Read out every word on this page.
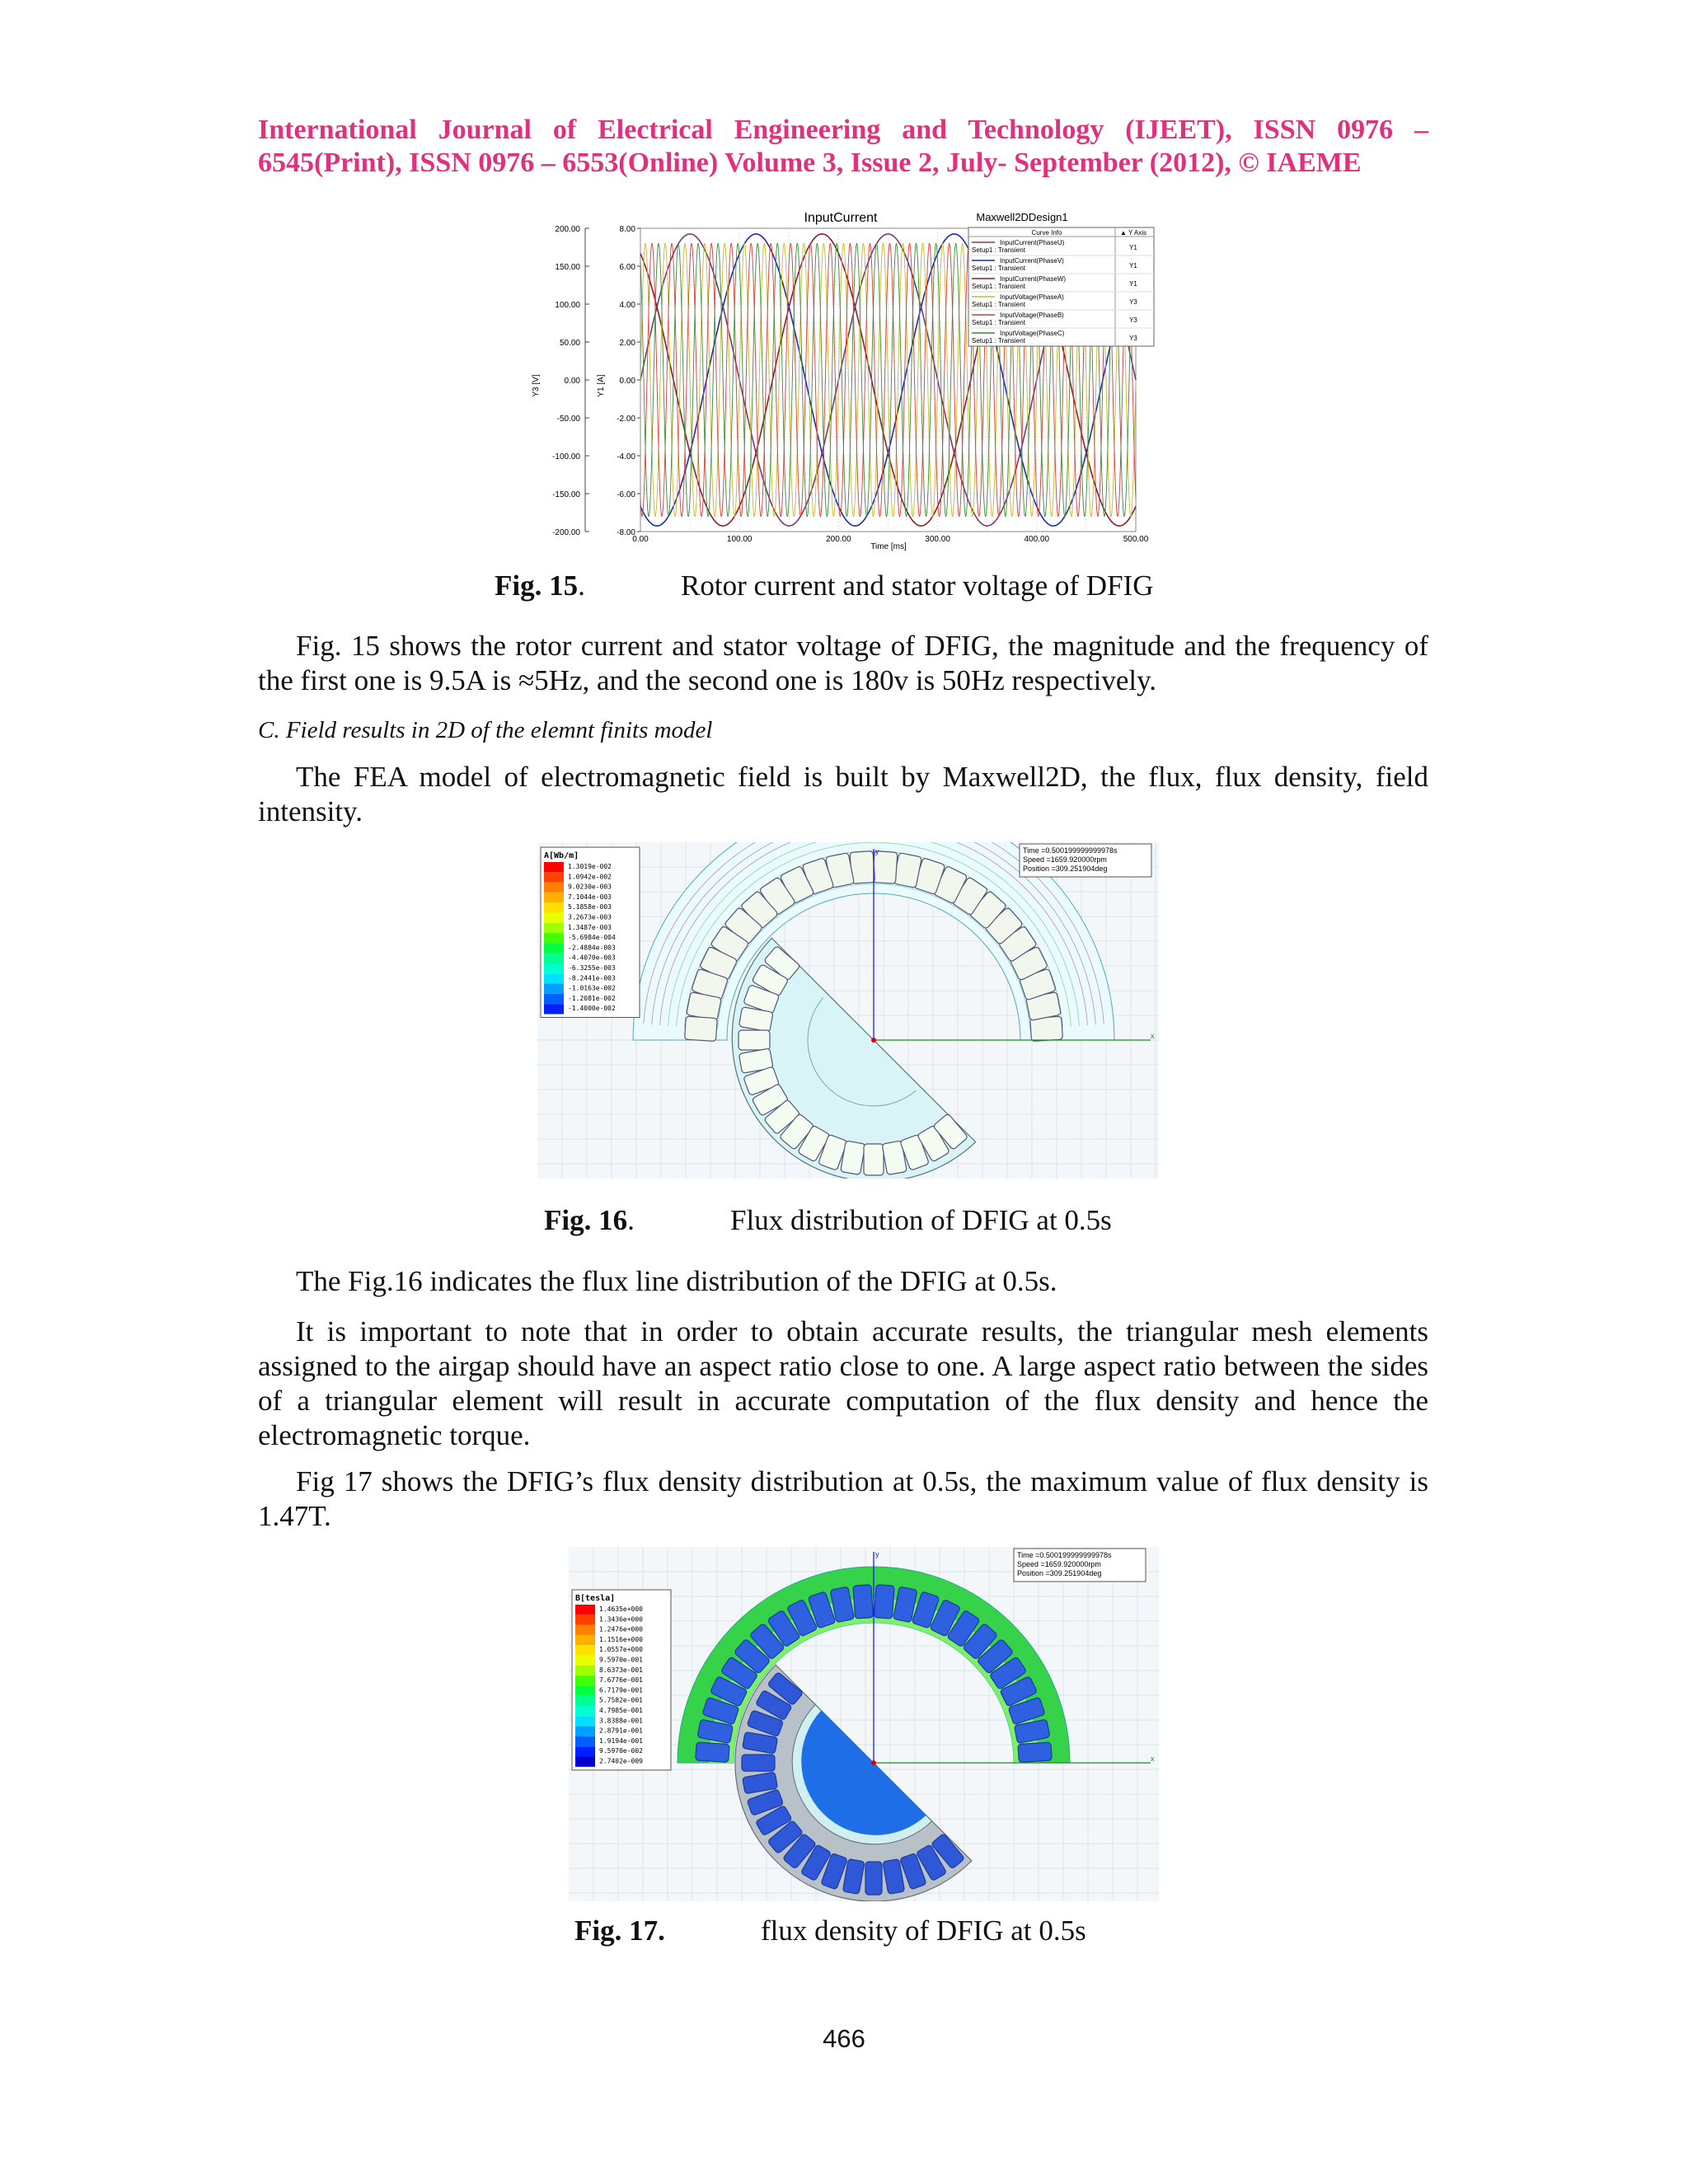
International Journal of Electrical Engineering and Technology (IJEET), ISSN 0976 – 6545(Print), ISSN 0976 – 6553(Online) Volume 3, Issue 2, July- September (2012), © IAEME
InputCurrent	Maxwell2DDesign1
Y3 [V]	Y1 [A]
8.00
6.00
4.00
2.00
0.00
-2.00
-4.00
-6.00
-8.00
200.00
150.00
100.00
50.00
0.00
-50.00
-100.00
-150.00
-200.00
0.00	100.00	200.00	300.00	400.00	500.00
Time [ms]
Curve Info	▲ Y Axis
InputCurrent(PhaseU)
Setup1 : Transient	Y1
InputCurrent(PhaseV)
Setup1 : Transient	Y1
InputCurrent(PhaseW)
Setup1 : Transient	Y1
InputVoltage(PhaseA)
Setup1 : Transient	Y3
InputVoltage(PhaseB)
Setup1 : Transient	Y3
InputVoltage(PhaseC)
Setup1 : Transient	Y3
Fig. 15.	Rotor current and stator voltage of DFIG
Fig. 15 shows the rotor current and stator voltage of DFIG, the magnitude and the frequency of the first one is 9.5A is ≈5Hz, and the second one is 180v is 50Hz respectively.
C. Field results in 2D of the elemnt finits model
The FEA model of electromagnetic field is built by Maxwell2D, the flux, flux density, field intensity.
y
x
A[Wb/m]
1.3019e-002
1.0942e-002
9.0230e-003
7.1044e-003
5.1858e-003
3.2673e-003
1.3487e-003
-5.6984e-004
-2.4884e-003
-4.4070e-003
-6.3255e-003
-8.2441e-003
-1.0163e-002
-1.2081e-002
-1.4000e-002
Time =0.500199999999978s
Speed =1659.920000rpm
Position =309.251904deg
Fig. 16.	Flux distribution of DFIG at 0.5s
The Fig.16 indicates the flux line distribution of the DFIG at 0.5s.
It is important to note that in order to obtain accurate results, the triangular mesh elements assigned to the airgap should have an aspect ratio close to one. A large aspect ratio between the sides of a triangular element will result in accurate computation of the flux density and hence the electromagnetic torque.
Fig 17 shows the DFIG’s flux density distribution at 0.5s, the maximum value of flux density is 1.47T.
y
x
B[tesla]
1.4635e+000
1.3436e+000
1.2476e+000
1.1516e+000
1.0557e+000
9.5970e-001
8.6373e-001
7.6776e-001
6.7179e-001
5.7582e-001
4.7985e-001
3.8388e-001
2.8791e-001
1.9194e-001
9.5970e-002
2.7402e-009
Time =0.500199999999978s
Speed =1659.920000rpm
Position =309.251904deg
Fig. 17.	flux density of DFIG at 0.5s
466
